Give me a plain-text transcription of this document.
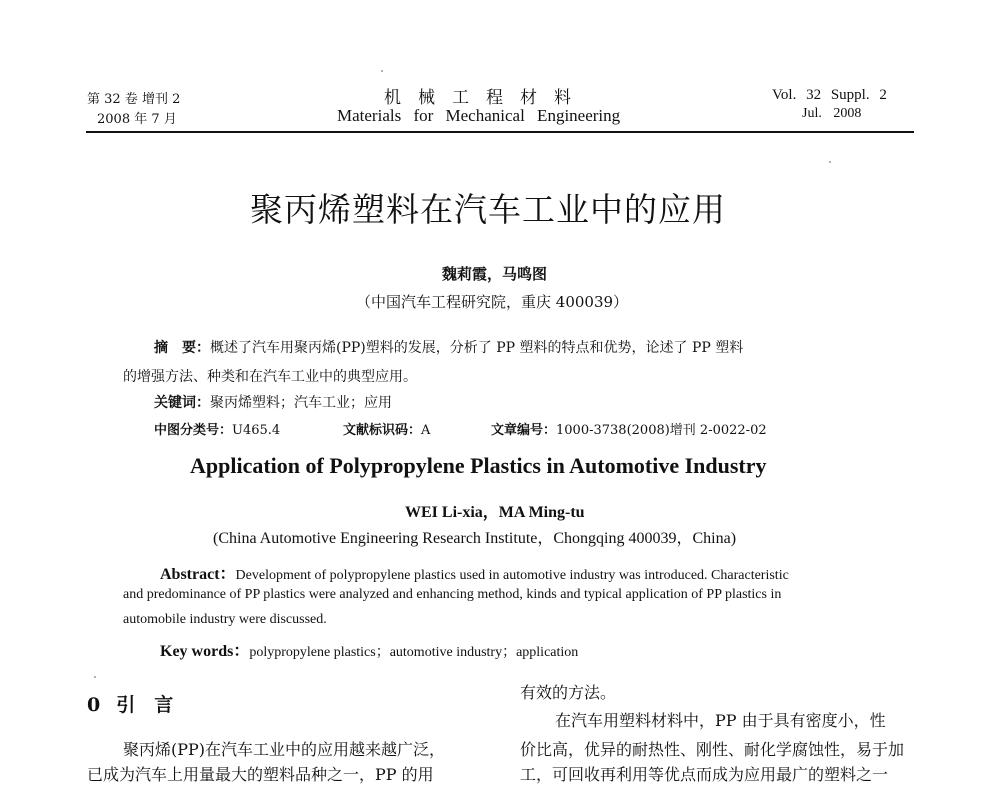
第 32 卷 增刊 2
2008 年 7 月
机械工程材料
Materials for Mechanical Engineering
Vol. 32 Suppl. 2
Jul. 2008
聚丙烯塑料在汽车工业中的应用
魏莉霞，马鸣图
（中国汽车工程研究院，重庆 400039）
摘　要：概述了汽车用聚丙烯(PP)塑料的发展，分析了 PP 塑料的特点和优势，论述了 PP 塑料
的增强方法、种类和在汽车工业中的典型应用。
关键词：聚丙烯塑料；汽车工业；应用
中图分类号：U465.4	文献标识码：A	文章编号：1000-3738(2008)增刊 2-0022-02
Application of Polypropylene Plastics in Automotive Industry
WEI Li-xia，MA Ming-tu
(China Automotive Engineering Research Institute，Chongqing 400039，China)
Abstract：Development of polypropylene plastics used in automotive industry was introduced. Characteristic
and predominance of PP plastics were analyzed and enhancing method, kinds and typical application of PP plastics in
automobile industry were discussed.
Key words：polypropylene plastics；automotive industry；application
0 引　言
聚丙烯(PP)在汽车工业中的应用越来越广泛，
已成为汽车上用量最大的塑料品种之一，PP 的用
有效的方法。
在汽车用塑料材料中，PP 由于具有密度小，性
价比高，优异的耐热性、刚性、耐化学腐蚀性，易于加
工，可回收再利用等优点而成为应用最广的塑料之一
